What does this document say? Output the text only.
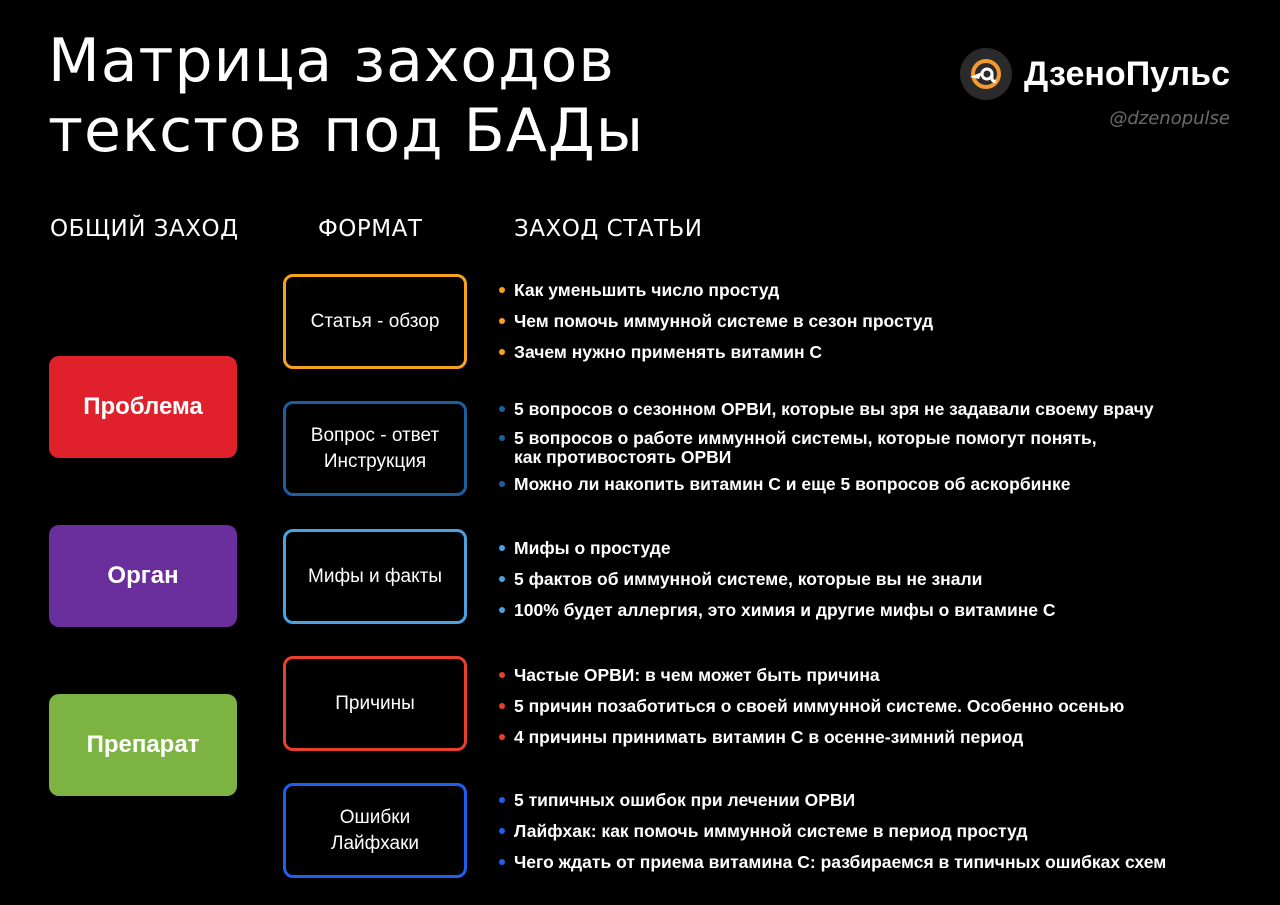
Матрица заходов
текстов под БАДы
ДзеноПульс
@dzenopulse
ОБЩИЙ ЗАХОД	ФОРМАТ	ЗАХОД СТАТЬИ
Проблема
Орган
Препарат
Статья - обзор
Вопрос - ответ
Инструкция
Мифы и факты
Причины
Ошибки
Лайфхаки
Как уменьшить число простуд
Чем помочь иммунной системе в сезон простуд
Зачем нужно применять витамин С
5 вопросов о сезонном ОРВИ, которые вы зря не задавали своему врачу
5 вопросов о работе иммунной системы, которые помогут понять,
как противостоять ОРВИ
Можно ли накопить витамин С и еще 5 вопросов об аскорбинке
Мифы о простуде
5 фактов об иммунной системе, которые вы не знали
100% будет аллергия, это химия и другие мифы о витамине С
Частые ОРВИ: в чем может быть причина
5 причин позаботиться о своей иммунной системе. Особенно осенью
4 причины принимать витамин С в осенне-зимний период
5 типичных ошибок при лечении ОРВИ
Лайфхак: как помочь иммунной системе в период простуд
Чего ждать от приема витамина С: разбираемся в типичных ошибках схем
